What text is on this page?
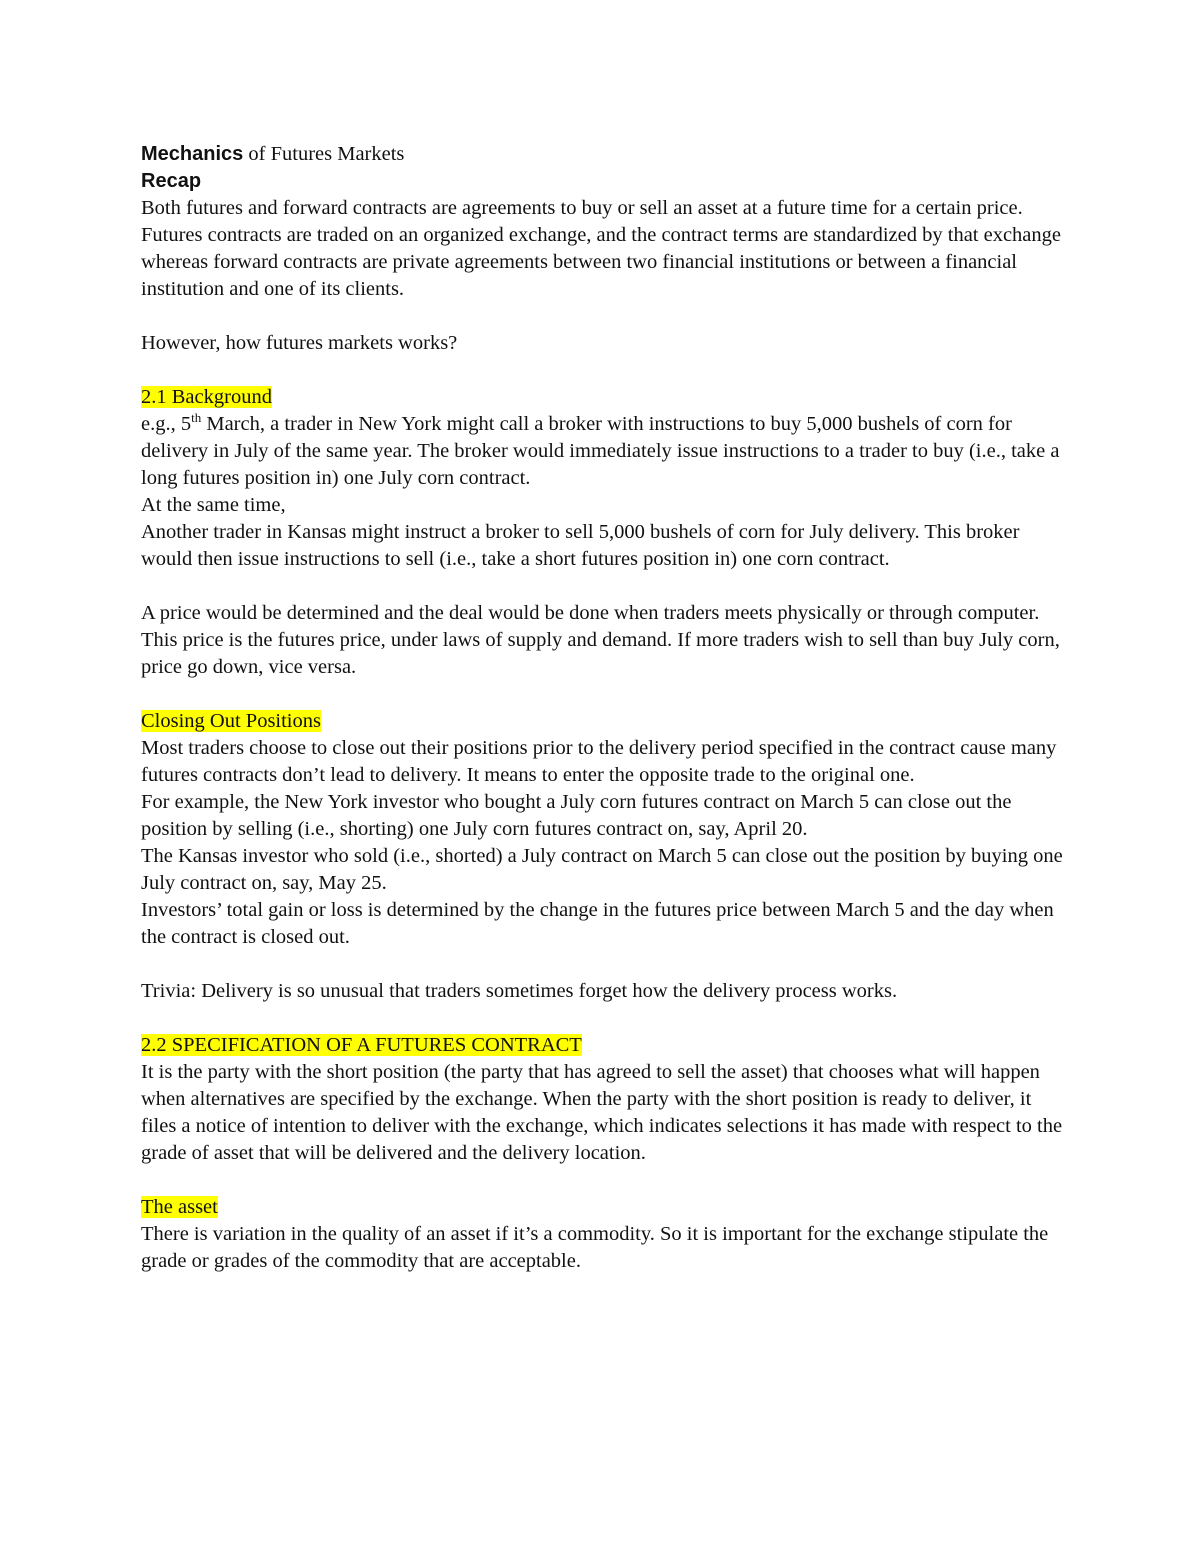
Mechanics of Futures Markets

Recap

Both futures and forward contracts are agreements to buy or sell an asset at a future time for a certain price.

Futures contracts are traded on an organized exchange, and the contract terms are standardized by that exchange whereas forward contracts are private agreements between two financial institutions or between a financial institution and one of its clients.

However, how futures markets works?

2.1 Background

e.g., 5th March, a trader in New York might call a broker with instructions to buy 5,000 bushels of corn for delivery in July of the same year. The broker would immediately issue instructions to a trader to buy (i.e., take a long futures position in) one July corn contract.

At the same time,

Another trader in Kansas might instruct a broker to sell 5,000 bushels of corn for July delivery. This broker would then issue instructions to sell (i.e., take a short futures position in) one corn contract.

A price would be determined and the deal would be done when traders meets physically or through computer. This price is the futures price, under laws of supply and demand. If more traders wish to sell than buy July corn, price go down, vice versa.

Closing Out Positions

Most traders choose to close out their positions prior to the delivery period specified in the contract cause many futures contracts don’t lead to delivery. It means to enter the opposite trade to the original one.

For example, the New York investor who bought a July corn futures contract on March 5 can close out the position by selling (i.e., shorting) one July corn futures contract on, say, April 20.

The Kansas investor who sold (i.e., shorted) a July contract on March 5 can close out the position by buying one July contract on, say, May 25.

Investors’ total gain or loss is determined by the change in the futures price between March 5 and the day when the contract is closed out.

Trivia: Delivery is so unusual that traders sometimes forget how the delivery process works.

2.2 SPECIFICATION OF A FUTURES CONTRACT

It is the party with the short position (the party that has agreed to sell the asset) that chooses what will happen when alternatives are specified by the exchange. When the party with the short position is ready to deliver, it files a notice of intention to deliver with the exchange, which indicates selections it has made with respect to the grade of asset that will be delivered and the delivery location.

The asset

There is variation in the quality of an asset if it’s a commodity. So it is important for the exchange stipulate the grade or grades of the commodity that are acceptable.
